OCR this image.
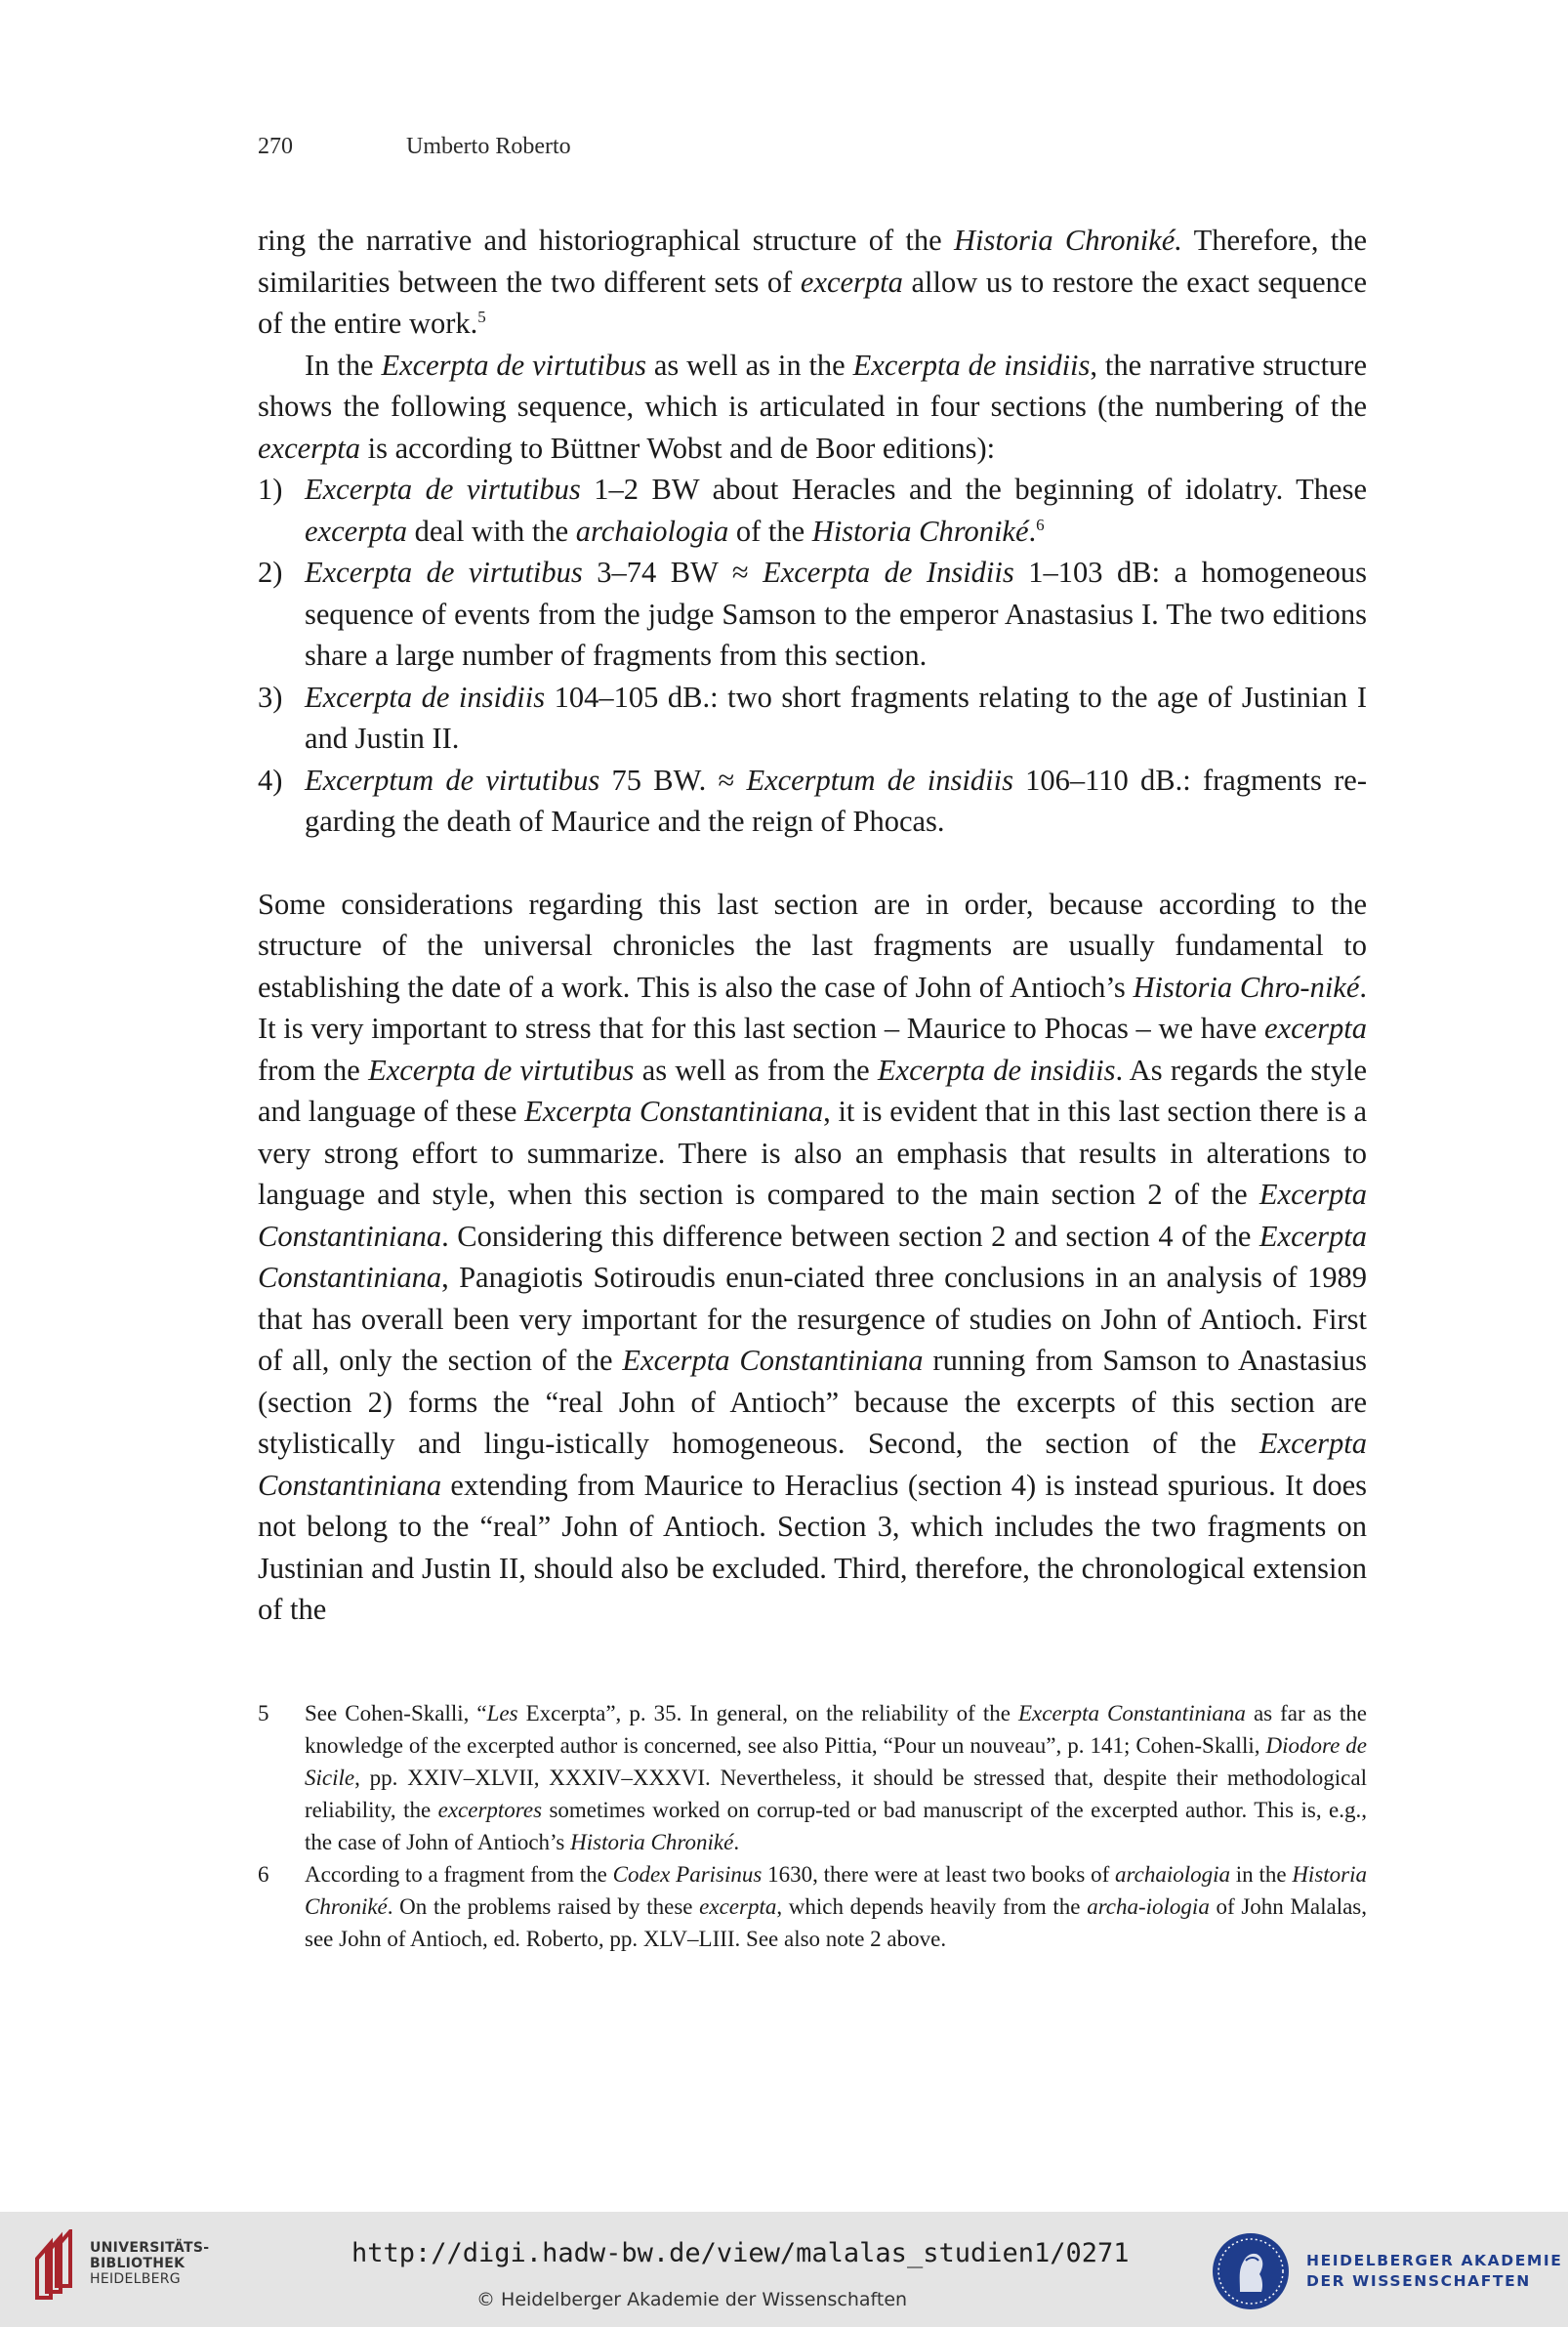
270	Umberto Roberto

ring the narrative and historiographical structure of the Historia Chroniké. Therefore, the similarities between the two different sets of excerpta allow us to restore the exact sequence of the entire work.$^5$

In the Excerpta de virtutibus as well as in the Excerpta de insidiis, the narrative structure shows the following sequence, which is articulated in four sections (the numbering of the excerpta is according to Büttner Wobst and de Boor editions):

1) Excerpta de virtutibus 1–2 BW about Heracles and the beginning of idolatry. These excerpta deal with the archaiologia of the Historia Chroniké.$^6$
2) Excerpta de virtutibus 3–74 BW ≈ Excerpta de Insidiis 1–103 dB: a homogeneous sequence of events from the judge Samson to the emperor Anastasius I. The two editions share a large number of fragments from this section.
3) Excerpta de insidiis 104–105 dB.: two short fragments relating to the age of Justinian I and Justin II.
4) Excerptum de virtutibus 75 BW. ≈ Excerptum de insidiis 106–110 dB.: fragments re-garding the death of Maurice and the reign of Phocas.

Some considerations regarding this last section are in order, because according to the structure of the universal chronicles the last fragments are usually fundamental to establishing the date of a work. This is also the case of John of Antioch’s Historia Chro-niké. It is very important to stress that for this last section – Maurice to Phocas – we have excerpta from the Excerpta de virtutibus as well as from the Excerpta de insidiis. As regards the style and language of these Excerpta Constantiniana, it is evident that in this last section there is a very strong effort to summarize. There is also an emphasis that results in alterations to language and style, when this section is compared to the main section 2 of the Excerpta Constantiniana. Considering this difference between section 2 and section 4 of the Excerpta Constantiniana, Panagiotis Sotiroudis enun-ciated three conclusions in an analysis of 1989 that has overall been very important for the resurgence of studies on John of Antioch. First of all, only the section of the Excerpta Constantiniana running from Samson to Anastasius (section 2) forms the “real John of Antioch” because the excerpts of this section are stylistically and lingu-istically homogeneous. Second, the section of the Excerpta Constantiniana extending from Maurice to Heraclius (section 4) is instead spurious. It does not belong to the “real” John of Antioch. Section 3, which includes the two fragments on Justinian and Justin II, should also be excluded. Third, therefore, the chronological extension of the

5 See Cohen-Skalli, “Les Excerpta”, p. 35. In general, on the reliability of the Excerpta Constantiniana as far as the knowledge of the excerpted author is concerned, see also Pittia, “Pour un nouveau”, p. 141; Cohen-Skalli, Diodore de Sicile, pp. XXIV–XLVII, XXXIV–XXXVI. Nevertheless, it should be stressed that, despite their methodological reliability, the excerptores sometimes worked on corrup-ted or bad manuscript of the excerpted author. This is, e.g., the case of John of Antioch’s Historia Chroniké.
6 According to a fragment from the Codex Parisinus 1630, there were at least two books of archaiologia in the Historia Chroniké. On the problems raised by these excerpta, which depends heavily from the archa-iologia of John Malalas, see John of Antioch, ed. Roberto, pp. XLV–LIII. See also note 2 above.
UNIVERSITÄTS-
BIBLIOTHEK
HEIDELBERG
http://digi.hadw-bw.de/view/malalas_studien1/0271
© Heidelberger Akademie der Wissenschaften
HEIDELBERGER AKADEMIE
DER WISSENSCHAFTEN
